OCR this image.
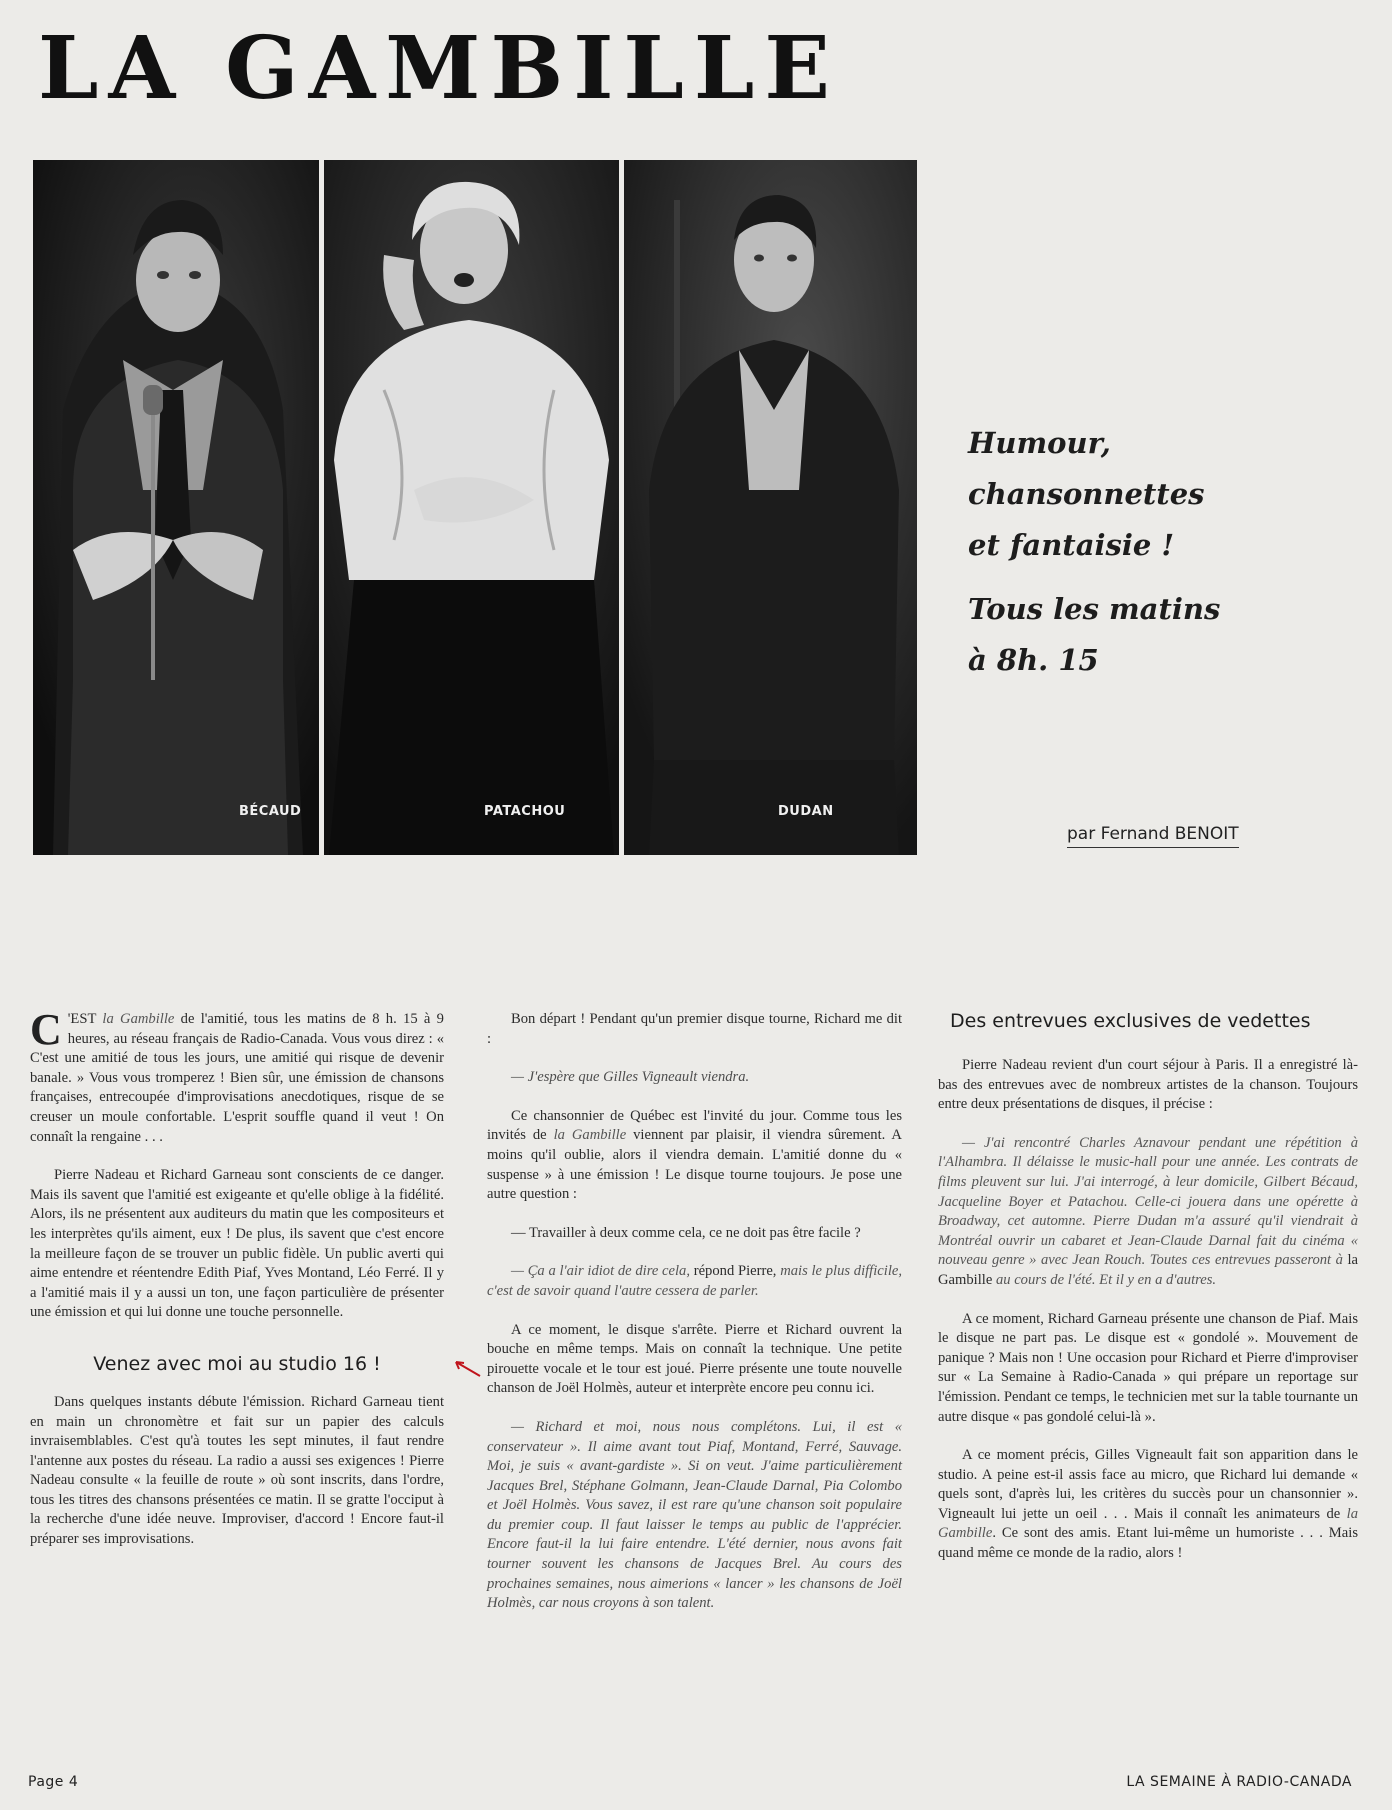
LA GAMBILLE
BÉCAUD	PATACHOU	DUDAN
Humour,
chansonnettes
et fantaisie !
Tous les matins
à 8h. 15
par Fernand BENOIT

C 'EST la Gambille de l'amitié, tous les matins de 8 h. 15 à 9 heures, au réseau français de Radio-Canada. Vous vous direz : « C'est une amitié de tous les jours, une amitié qui risque de devenir banale. » Vous vous tromperez ! Bien sûr, une émission de chansons françaises, entrecoupée d'improvisations anecdotiques, risque de se creuser un moule confortable. L'esprit souffle quand il veut ! On connaît la rengaine . . .

Pierre Nadeau et Richard Garneau sont conscients de ce danger. Mais ils savent que l'amitié est exigeante et qu'elle oblige à la fidélité. Alors, ils ne présentent aux auditeurs du matin que les compositeurs et les interprètes qu'ils aiment, eux ! De plus, ils savent que c'est encore la meilleure façon de se trouver un public fidèle. Un public averti qui aime entendre et réentendre Edith Piaf, Yves Montand, Léo Ferré. Il y a l'amitié mais il y a aussi un ton, une façon particulière de présenter une émission et qui lui donne une touche personnelle.

Venez avec moi au studio 16 !

Dans quelques instants débute l'émission. Richard Garneau tient en main un chronomètre et fait sur un papier des calculs invraisemblables. C'est qu'à toutes les sept minutes, il faut rendre l'antenne aux postes du réseau. La radio a aussi ses exigences ! Pierre Nadeau consulte « la feuille de route » où sont inscrits, dans l'ordre, tous les titres des chansons présentées ce matin. Il se gratte l'occiput à la recherche d'une idée neuve. Improviser, d'accord ! Encore faut-il préparer ses improvisations.

Bon départ ! Pendant qu'un premier disque tourne, Richard me dit :

— J'espère que Gilles Vigneault viendra.

Ce chansonnier de Québec est l'invité du jour. Comme tous les invités de la Gambille viennent par plaisir, il viendra sûrement. A moins qu'il oublie, alors il viendra demain. L'amitié donne du « suspense » à une émission ! Le disque tourne toujours. Je pose une autre question :

— Travailler à deux comme cela, ce ne doit pas être facile ?

— Ça a l'air idiot de dire cela, répond Pierre, mais le plus difficile, c'est de savoir quand l'autre cessera de parler.

A ce moment, le disque s'arrête. Pierre et Richard ouvrent la bouche en même temps. Mais on connaît la technique. Une petite pirouette vocale et le tour est joué. Pierre présente une toute nouvelle chanson de Joël Holmès, auteur et interprète encore peu connu ici.

— Richard et moi, nous nous complétons. Lui, il est « conservateur ». Il aime avant tout Piaf, Montand, Ferré, Sauvage. Moi, je suis « avant-gardiste ». Si on veut. J'aime particulièrement Jacques Brel, Stéphane Golmann, Jean-Claude Darnal, Pia Colombo et Joël Holmès. Vous savez, il est rare qu'une chanson soit populaire du premier coup. Il faut laisser le temps au public de l'apprécier. Encore faut-il la lui faire entendre. L'été dernier, nous avons fait tourner souvent les chansons de Jacques Brel. Au cours des prochaines semaines, nous aimerions « lancer » les chansons de Joël Holmès, car nous croyons à son talent.

Des entrevues exclusives de vedettes

Pierre Nadeau revient d'un court séjour à Paris. Il a enregistré là-bas des entrevues avec de nombreux artistes de la chanson. Toujours entre deux présentations de disques, il précise :

— J'ai rencontré Charles Aznavour pendant une répétition à l'Alhambra. Il délaisse le music-hall pour une année. Les contrats de films pleuvent sur lui. J'ai interrogé, à leur domicile, Gilbert Bécaud, Jacqueline Boyer et Patachou. Celle-ci jouera dans une opérette à Broadway, cet automne. Pierre Dudan m'a assuré qu'il viendrait à Montréal ouvrir un cabaret et Jean-Claude Darnal fait du cinéma « nouveau genre » avec Jean Rouch. Toutes ces entrevues passeront à la Gambille au cours de l'été. Et il y en a d'autres.

A ce moment, Richard Garneau présente une chanson de Piaf. Mais le disque ne part pas. Le disque est « gondolé ». Mouvement de panique ? Mais non ! Une occasion pour Richard et Pierre d'improviser sur « La Semaine à Radio-Canada » qui prépare un reportage sur l'émission. Pendant ce temps, le technicien met sur la table tournante un autre disque « pas gondolé celui-là ».

A ce moment précis, Gilles Vigneault fait son apparition dans le studio. A peine est-il assis face au micro, que Richard lui demande « quels sont, d'après lui, les critères du succès pour un chansonnier ». Vigneault lui jette un oeil . . . Mais il connaît les animateurs de la Gambille. Ce sont des amis. Etant lui-même un humoriste . . . Mais quand même ce monde de la radio, alors !

Page 4	LA SEMAINE À RADIO-CANADA
